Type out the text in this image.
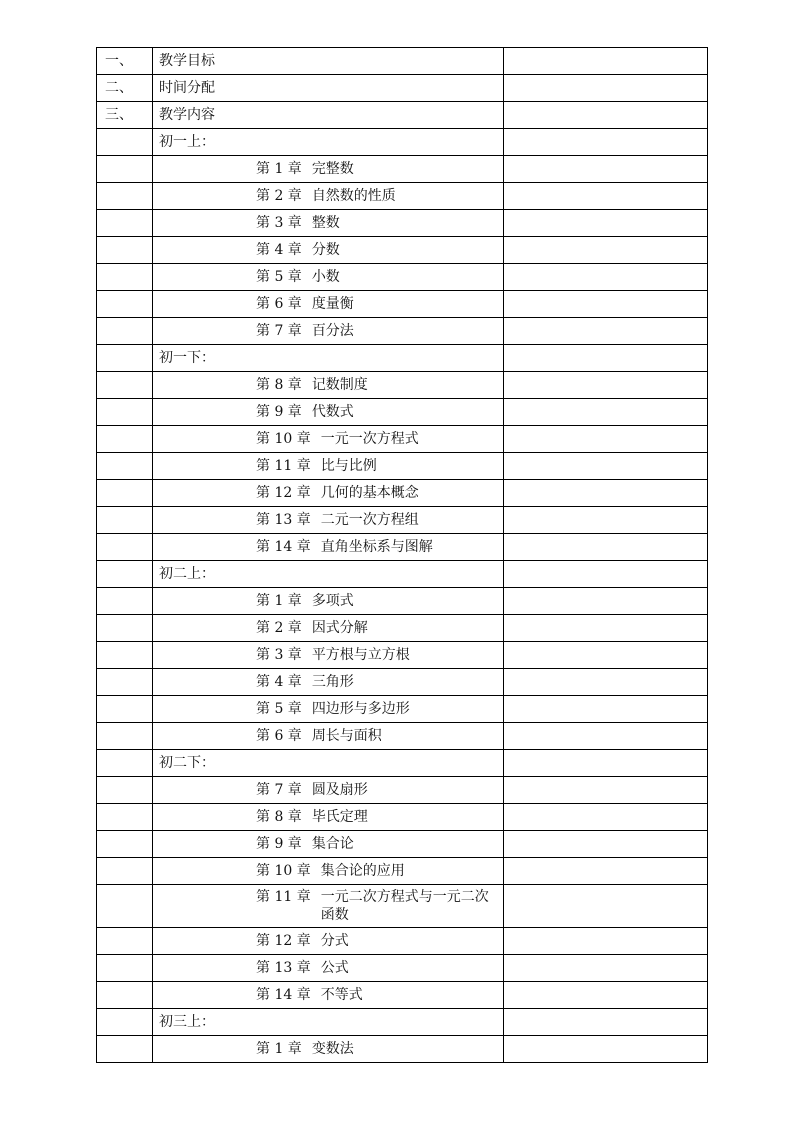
一、	教学目标	
二、	时间分配	
三、	教学内容	
	初一上：	

	第 1 章 完整数	

	第 2 章 自然数的性质	

	第 3 章 整数	

	第 4 章 分数	

	第 5 章 小数	

	第 6 章 度量衡	

	第 7 章 百分法	

	初一下：	

	第 8 章 记数制度	

	第 9 章 代数式	

	第 10 章 一元一次方程式	

	第 11 章 比与比例	

	第 12 章 几何的基本概念	

	第 13 章 二元一次方程组	

	第 14 章 直角坐标系与图解	

	初二上：	

	第 1 章 多项式	

	第 2 章 因式分解	

	第 3 章 平方根与立方根	

	第 4 章 三角形	

	第 5 章 四边形与多边形	

	第 6 章 周长与面积	

	初二下：	

	第 7 章 圆及扇形	

	第 8 章 毕氏定理	

	第 9 章 集合论	

	第 10 章 集合论的应用	

	第 11 章 一元二次方程式与一元二次函数	

	第 12 章 分式	

	第 13 章 公式	

	第 14 章 不等式	

	初三上：	

	第 1 章 变数法	
